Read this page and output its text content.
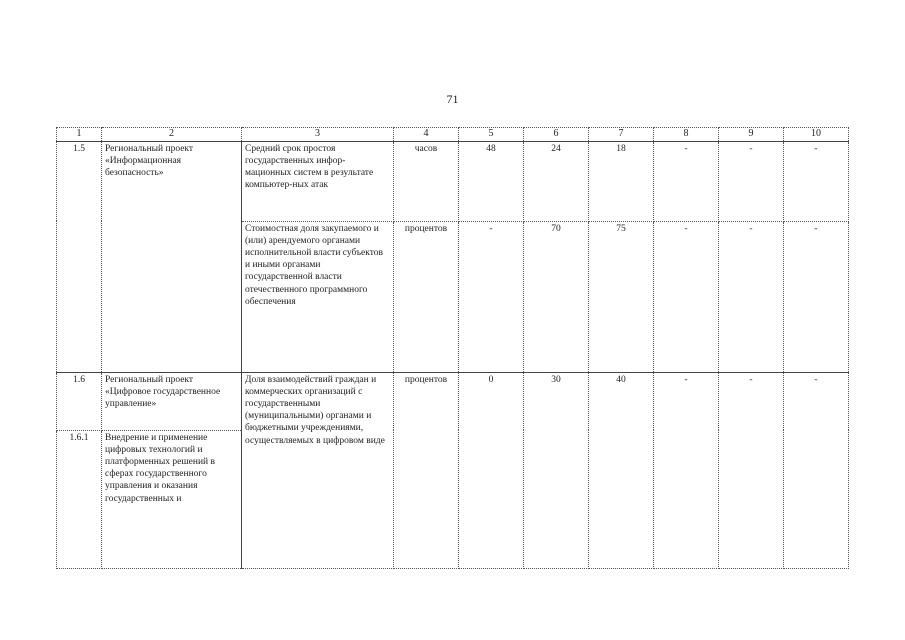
71
1	2	3	4	5	6	7	8	9	10
1.5	Региональный проект «Информационная безопасность»	Средний срок простоя государственных инфор-мационных систем в результате компьютер-ных атак	часов	48	24	18	-	-	-
		Стоимостная доля закупаемого и (или) арендуемого органами исполнительной власти субъектов и иными органами государственной власти отечественного программного обеспечения	процентов	-	70	75	-	-	-
1.6	Региональный проект «Цифровое государственное управление»	Доля взаимодействий граждан и коммерческих организаций с государственными (муниципальными) органами и бюджетными учреждениями, осуществляемых в цифровом виде	процентов	0	30	40	-	-	-
1.6.1	Внедрение и применение цифровых технологий и платформенных решений в сферах государственного управления и оказания государственных и								
